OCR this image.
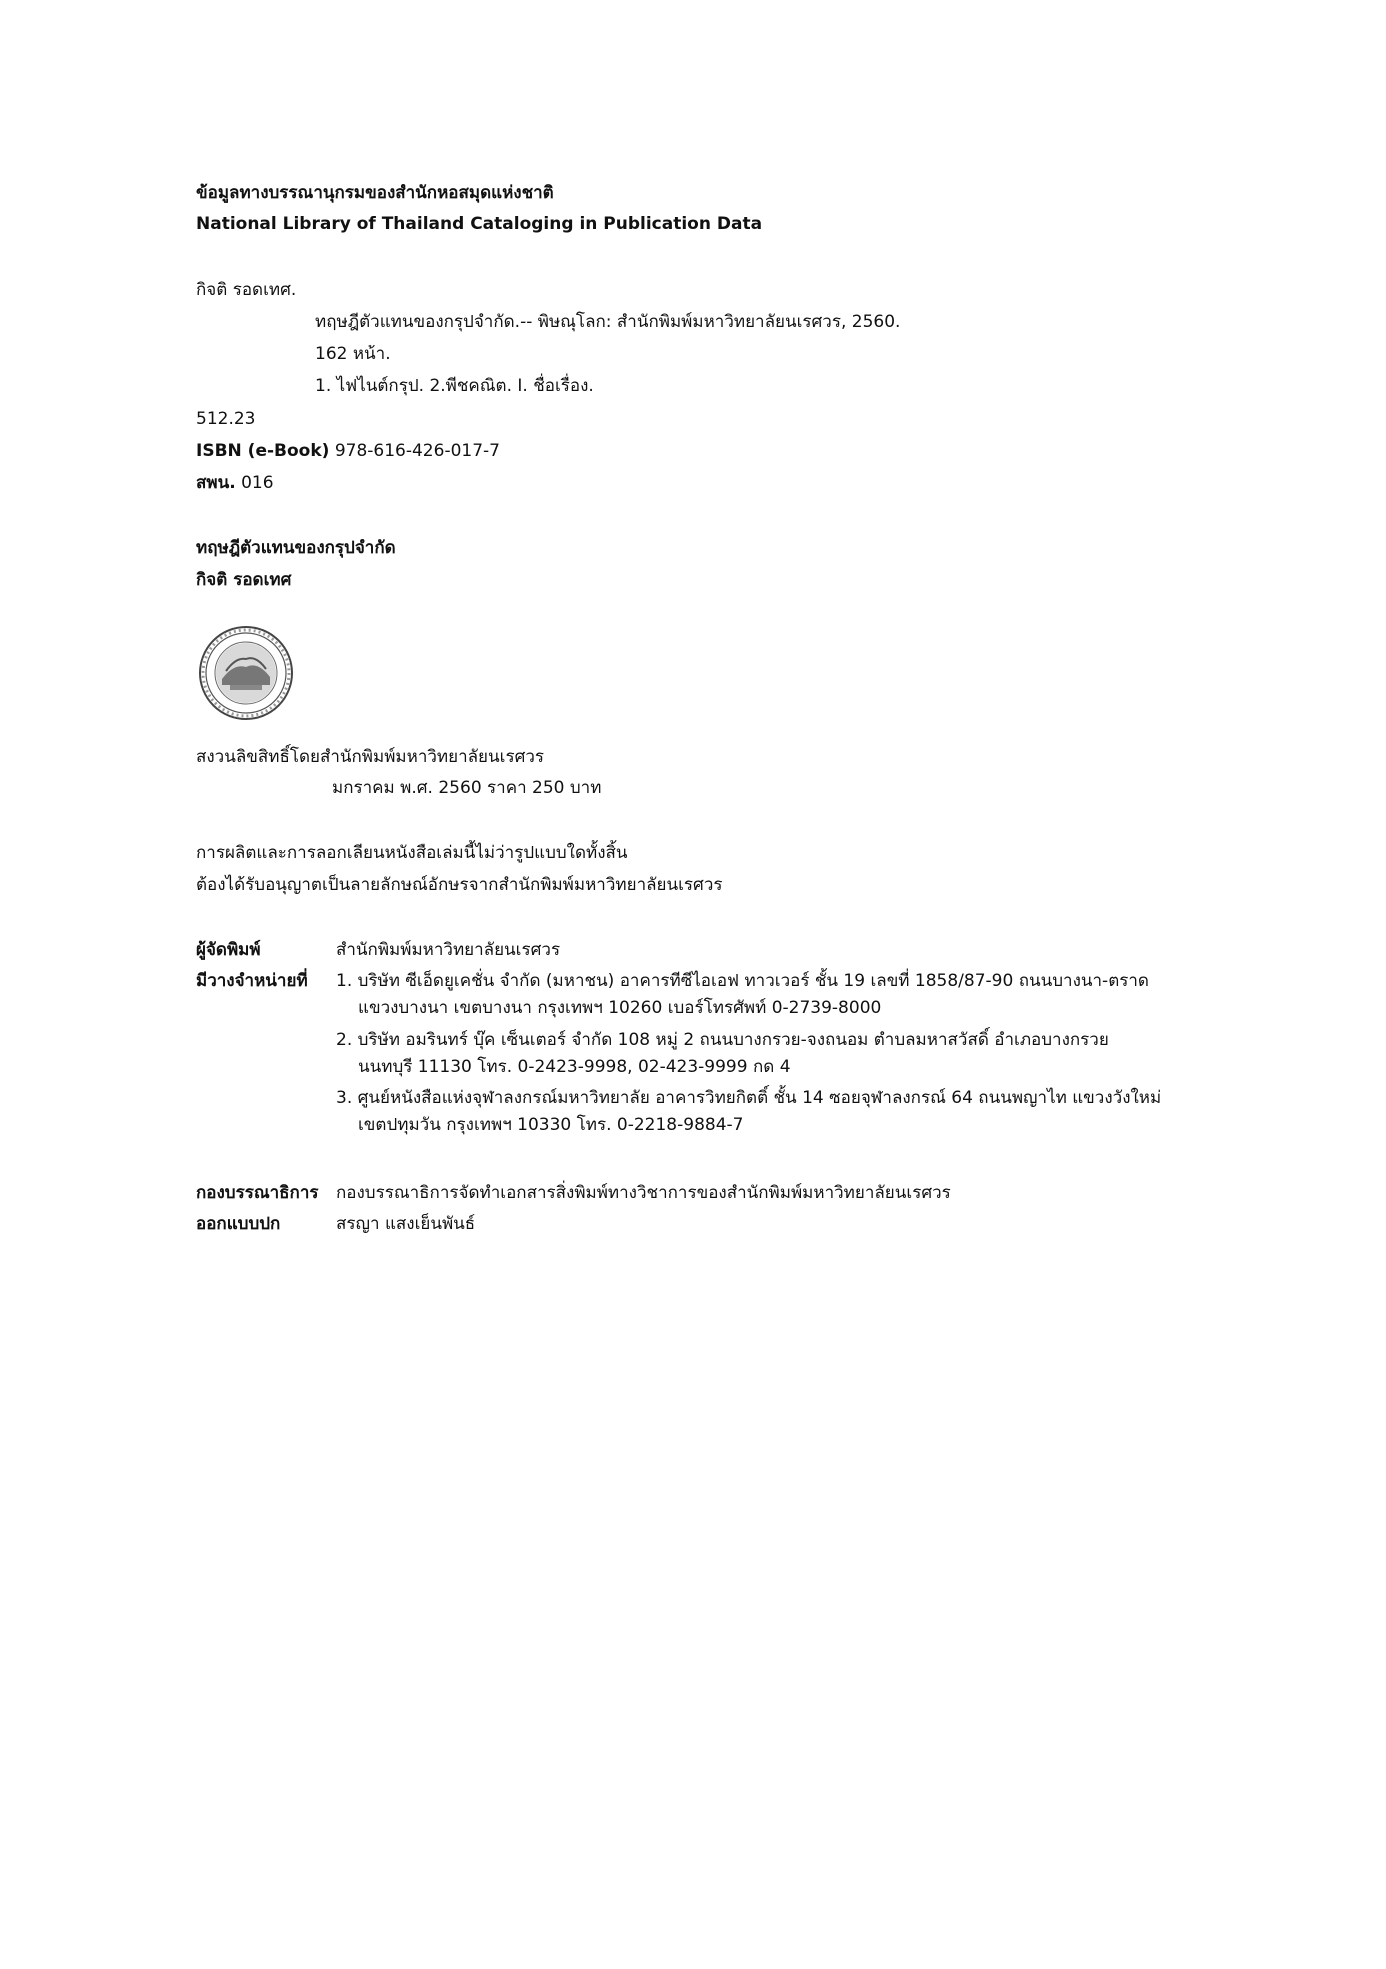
ข้อมูลทางบรรณานุกรมของสำนักหอสมุดแห่งชาติ
National Library of Thailand Cataloging in Publication Data
กิจติ รอดเทศ.
ทฤษฎีตัวแทนของกรุปจำกัด.-- พิษณุโลก: สำนักพิมพ์มหาวิทยาลัยนเรศวร, 2560.
162 หน้า.
1. ไฟไนต์กรุป. 2.พีชคณิต. I. ชื่อเรื่อง.
512.23
ISBN (e-Book) 978-616-426-017-7
สพน. 016
ทฤษฎีตัวแทนของกรุปจำกัด
กิจติ รอดเทศ
สงวนลิขสิทธิ์โดยสำนักพิมพ์มหาวิทยาลัยนเรศวร
มกราคม พ.ศ. 2560 ราคา 250 บาท
การผลิตและการลอกเลียนหนังสือเล่มนี้ไม่ว่ารูปแบบใดทั้งสิ้น
ต้องได้รับอนุญาตเป็นลายลักษณ์อักษรจากสำนักพิมพ์มหาวิทยาลัยนเรศวร
ผู้จัดพิมพ์	สำนักพิมพ์มหาวิทยาลัยนเรศวร
มีวางจำหน่ายที่	1. บริษัท ซีเอ็ดยูเคชั่น จำกัด (มหาชน) อาคารทีซีไอเอฟ ทาวเวอร์ ชั้น 19 เลขที่ 1858/87-90 ถนนบางนา-ตราด
แขวงบางนา เขตบางนา กรุงเทพฯ 10260 เบอร์โทรศัพท์ 0-2739-8000
2. บริษัท อมรินทร์ บุ๊ค เซ็นเตอร์ จำกัด 108 หมู่ 2 ถนนบางกรวย-จงถนอม ตำบลมหาสวัสดิ์ อำเภอบางกรวย
นนทบุรี 11130 โทร. 0-2423-9998, 02-423-9999 กด 4
3. ศูนย์หนังสือแห่งจุฬาลงกรณ์มหาวิทยาลัย อาคารวิทยกิตติ์ ชั้น 14 ซอยจุฬาลงกรณ์ 64 ถนนพญาไท แขวงวังใหม่
เขตปทุมวัน กรุงเทพฯ 10330 โทร. 0-2218-9884-7
กองบรรณาธิการ	กองบรรณาธิการจัดทำเอกสารสิ่งพิมพ์ทางวิชาการของสำนักพิมพ์มหาวิทยาลัยนเรศวร
ออกแบบปก	สรญา แสงเย็นพันธ์
